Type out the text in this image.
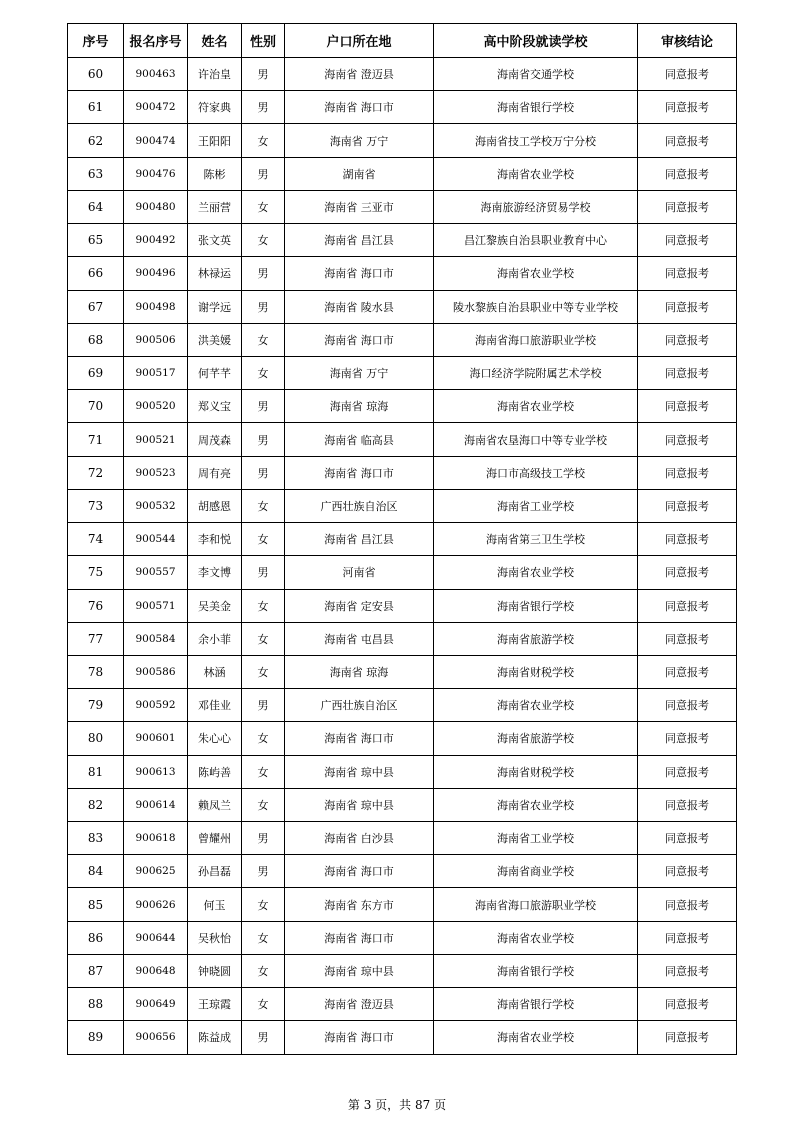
序号	报名序号	姓名	性别	户口所在地	高中阶段就读学校	审核结论
60	900463	许治皇	男	海南省 澄迈县	海南省交通学校	同意报考
61	900472	符家典	男	海南省 海口市	海南省银行学校	同意报考
62	900474	王阳阳	女	海南省 万宁	海南省技工学校万宁分校	同意报考
63	900476	陈彬	男	湖南省	海南省农业学校	同意报考
64	900480	兰丽营	女	海南省 三亚市	海南旅游经济贸易学校	同意报考
65	900492	张文英	女	海南省 昌江县	昌江黎族自治县职业教育中心	同意报考
66	900496	林禄运	男	海南省 海口市	海南省农业学校	同意报考
67	900498	谢学远	男	海南省 陵水县	陵水黎族自治县职业中等专业学校	同意报考
68	900506	洪美媛	女	海南省 海口市	海南省海口旅游职业学校	同意报考
69	900517	何芊芊	女	海南省 万宁	海口经济学院附属艺术学校	同意报考
70	900520	郑义宝	男	海南省 琼海	海南省农业学校	同意报考
71	900521	周茂森	男	海南省 临高县	海南省农垦海口中等专业学校	同意报考
72	900523	周有亮	男	海南省 海口市	海口市高级技工学校	同意报考
73	900532	胡感恩	女	广西壮族自治区	海南省工业学校	同意报考
74	900544	李和悦	女	海南省 昌江县	海南省第三卫生学校	同意报考
75	900557	李文博	男	河南省	海南省农业学校	同意报考
76	900571	吴美金	女	海南省 定安县	海南省银行学校	同意报考
77	900584	余小菲	女	海南省 屯昌县	海南省旅游学校	同意报考
78	900586	林涵	女	海南省 琼海	海南省财税学校	同意报考
79	900592	邓佳业	男	广西壮族自治区	海南省农业学校	同意报考
80	900601	朱心心	女	海南省 海口市	海南省旅游学校	同意报考
81	900613	陈屿善	女	海南省 琼中县	海南省财税学校	同意报考
82	900614	赖凤兰	女	海南省 琼中县	海南省农业学校	同意报考
83	900618	曾耀州	男	海南省 白沙县	海南省工业学校	同意报考
84	900625	孙昌磊	男	海南省 海口市	海南省商业学校	同意报考
85	900626	何玉	女	海南省 东方市	海南省海口旅游职业学校	同意报考
86	900644	吴秋怡	女	海南省 海口市	海南省农业学校	同意报考
87	900648	钟晓圆	女	海南省 琼中县	海南省银行学校	同意报考
88	900649	王琼霞	女	海南省 澄迈县	海南省银行学校	同意报考
89	900656	陈益成	男	海南省 海口市	海南省农业学校	同意报考
第 3 页，共 87 页
